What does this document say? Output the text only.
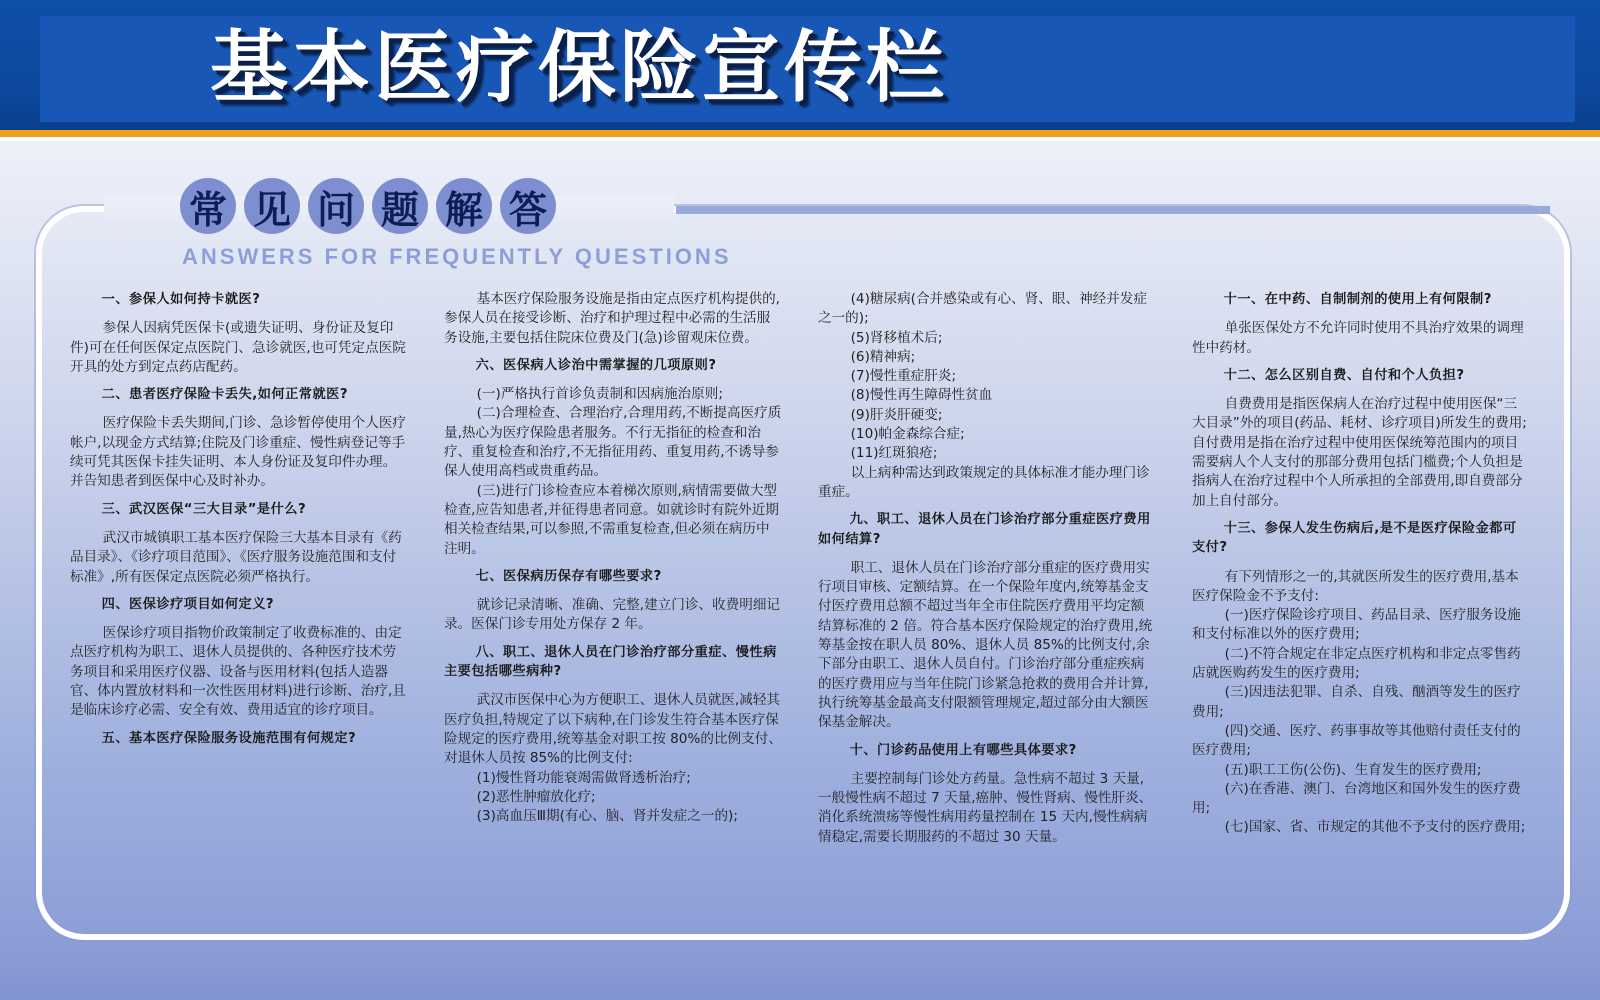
基本医疗保险宣传栏
常 见 问 题 解 答

ANSWERS FOR FREQUENTLY QUESTIONS

一、参保人如何持卡就医?

参保人因病凭医保卡(或遗失证明、身份证及复印件)可在任何医保定点医院门、急诊就医,也可凭定点医院开具的处方到定点药店配药。

二、患者医疗保险卡丢失,如何正常就医?

医疗保险卡丢失期间,门诊、急诊暂停使用个人医疗帐户,以现金方式结算;住院及门诊重症、慢性病登记等手续可凭其医保卡挂失证明、本人身份证及复印件办理。并告知患者到医保中心及时补办。

三、武汉医保“三大目录”是什么?

武汉市城镇职工基本医疗保险三大基本目录有《药品目录》、《诊疗项目范围》、《医疗服务设施范围和支付标准》,所有医保定点医院必须严格执行。

四、医保诊疗项目如何定义?

医保诊疗项目指物价政策制定了收费标准的、由定点医疗机构为职工、退休人员提供的、各种医疗技术劳务项目和采用医疗仪器、设备与医用材料(包括人造器官、体内置放材料和一次性医用材料)进行诊断、治疗,且是临床诊疗必需、安全有效、费用适宜的诊疗项目。

五、基本医疗保险服务设施范围有何规定?

基本医疗保险服务设施是指由定点医疗机构提供的,参保人员在接受诊断、治疗和护理过程中必需的生活服务设施,主要包括住院床位费及门(急)诊留观床位费。

六、医保病人诊治中需掌握的几项原则?

(一)严格执行首诊负责制和因病施治原则;

(二)合理检查、合理治疗,合理用药,不断提高医疗质量,热心为医疗保险患者服务。不行无指征的检查和治疗、重复检查和治疗,不无指征用药、重复用药,不诱导参保人使用高档或贵重药品。

(三)进行门诊检查应本着梯次原则,病情需要做大型检查,应告知患者,并征得患者同意。如就诊时有院外近期相关检查结果,可以参照,不需重复检查,但必须在病历中注明。

七、医保病历保存有哪些要求?

就诊记录清晰、准确、完整,建立门诊、收费明细记录。医保门诊专用处方保存 2 年。

八、职工、退休人员在门诊治疗部分重症、慢性病主要包括哪些病种?

武汉市医保中心为方便职工、退休人员就医,减轻其医疗负担,特规定了以下病种,在门诊发生符合基本医疗保险规定的医疗费用,统筹基金对职工按 80%的比例支付、对退休人员按 85%的比例支付:

(1)慢性肾功能衰竭需做肾透析治疗;

(2)恶性肿瘤放化疗;

(3)高血压Ⅲ期(有心、脑、肾并发症之一的);

(4)糖尿病(合并感染或有心、肾、眼、神经并发症之一的);

(5)肾移植术后;

(6)精神病;

(7)慢性重症肝炎;

(8)慢性再生障碍性贫血

(9)肝炎肝硬变;

(10)帕金森综合症;

(11)红斑狼疮;

以上病种需达到政策规定的具体标准才能办理门诊重症。

九、职工、退休人员在门诊治疗部分重症医疗费用如何结算?

职工、退休人员在门诊治疗部分重症的医疗费用实行项目审核、定额结算。在一个保险年度内,统筹基金支付医疗费用总额不超过当年全市住院医疗费用平均定额结算标准的 2 倍。符合基本医疗保险规定的治疗费用,统筹基金按在职人员 80%、退休人员 85%的比例支付,余下部分由职工、退休人员自付。门诊治疗部分重症疾病的医疗费用应与当年住院门诊紧急抢救的费用合并计算,执行统筹基金最高支付限额管理规定,超过部分由大额医保基金解决。

十、门诊药品使用上有哪些具体要求?

主要控制每门诊处方药量。急性病不超过 3 天量,一般慢性病不超过 7 天量,癌肿、慢性肾病、慢性肝炎、消化系统溃疡等慢性病用药量控制在 15 天内,慢性病病情稳定,需要长期服药的不超过 30 天量。

十一、在中药、自制制剂的使用上有何限制?

单张医保处方不允许同时使用不具治疗效果的调理性中药材。

十二、怎么区别自费、自付和个人负担?

自费费用是指医保病人在治疗过程中使用医保“三大目录”外的项目(药品、耗材、诊疗项目)所发生的费用;自付费用是指在治疗过程中使用医保统筹范围内的项目需要病人个人支付的那部分费用包括门槛费;个人负担是指病人在治疗过程中个人所承担的全部费用,即自费部分加上自付部分。

十三、参保人发生伤病后,是不是医疗保险金都可支付?

有下列情形之一的,其就医所发生的医疗费用,基本医疗保险金不予支付:

(一)医疗保险诊疗项目、药品目录、医疗服务设施和支付标准以外的医疗费用;

(二)不符合规定在非定点医疗机构和非定点零售药店就医购药发生的医疗费用;

(三)因违法犯罪、自杀、自残、酗酒等发生的医疗费用;

(四)交通、医疗、药事事故等其他赔付责任支付的医疗费用;

(五)职工工伤(公伤)、生育发生的医疗费用;

(六)在香港、澳门、台湾地区和国外发生的医疗费用;

(七)国家、省、市规定的其他不予支付的医疗费用;
